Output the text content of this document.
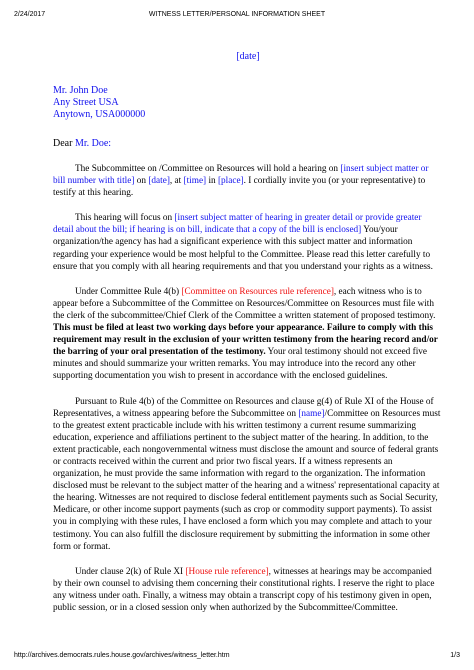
2/24/2017	WITNESS LETTER/PERSONAL INFORMATION SHEET
[date]
Mr. John Doe
Any Street USA
Anytown, USA000000
Dear Mr. Doe:

The Subcommittee on /Committee on Resources will hold a hearing on [insert subject matter or bill number with title] on [date], at [time] in [place]. I cordially invite you (or your representative) to testify at this hearing.

This hearing will focus on [insert subject matter of hearing in greater detail or provide greater detail about the bill; if hearing is on bill, indicate that a copy of the bill is enclosed] You/your organization/the agency has had a significant experience with this subject matter and information regarding your experience would be most helpful to the Committee. Please read this letter carefully to ensure that you comply with all hearing requirements and that you understand your rights as a witness.

Under Committee Rule 4(b) [Committee on Resources rule reference], each witness who is to appear before a Subcommittee of the Committee on Resources/Committee on Resources must file with the clerk of the subcommittee/Chief Clerk of the Committee a written statement of proposed testimony. This must be filed at least two working days before your appearance. Failure to comply with this requirement may result in the exclusion of your written testimony from the hearing record and/or the barring of your oral presentation of the testimony. Your oral testimony should not exceed five minutes and should summarize your written remarks. You may introduce into the record any other supporting documentation you wish to present in accordance with the enclosed guidelines.

Pursuant to Rule 4(b) of the Committee on Resources and clause g(4) of Rule XI of the House of Representatives, a witness appearing before the Subcommittee on [name]/Committee on Resources must to the greatest extent practicable include with his written testimony a current resume summarizing education, experience and affiliations pertinent to the subject matter of the hearing. In addition, to the extent practicable, each nongovernmental witness must disclose the amount and source of federal grants or contracts received within the current and prior two fiscal years. If a witness represents an organization, he must provide the same information with regard to the organization. The information disclosed must be relevant to the subject matter of the hearing and a witness' representational capacity at the hearing. Witnesses are not required to disclose federal entitlement payments such as Social Security, Medicare, or other income support payments (such as crop or commodity support payments). To assist you in complying with these rules, I have enclosed a form which you may complete and attach to your testimony. You can also fulfill the disclosure requirement by submitting the information in some other form or format.

Under clause 2(k) of Rule XI [House rule reference], witnesses at hearings may be accompanied by their own counsel to advising them concerning their constitutional rights. I reserve the right to place any witness under oath. Finally, a witness may obtain a transcript copy of his testimony given in open, public session, or in a closed session only when authorized by the Subcommittee/Committee.

http://archives.democrats.rules.house.gov/archives/witness_letter.htm	1/3
